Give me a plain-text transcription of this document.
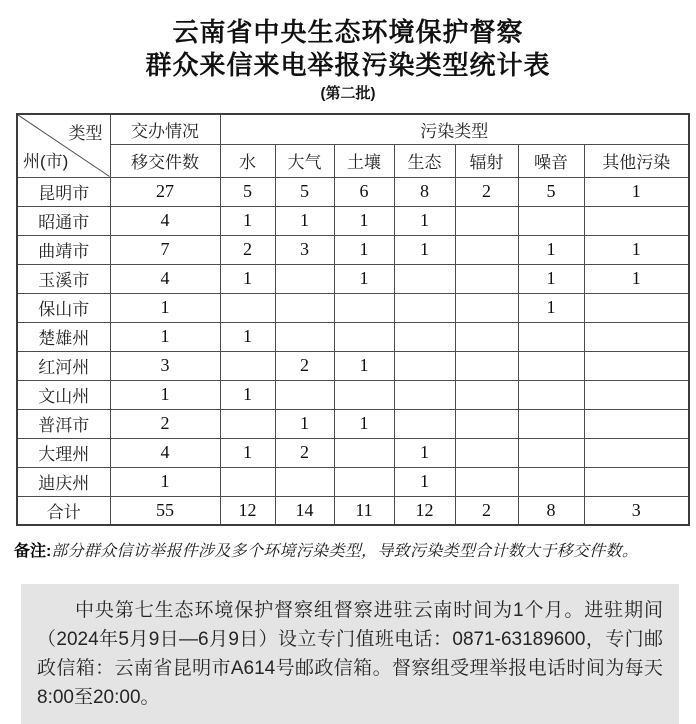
云南省中央生态环境保护督察
群众来信来电举报污染类型统计表
(第二批)
类型
州(市)	交办情况	污染类型						
	移交件数	水	大气	土壤	生态	辐射	噪音	其他污染
昆明市	27	5	5	6	8	2	5	1
昭通市	4	1	1	1	1			
曲靖市	7	2	3	1	1		1	1
玉溪市	4	1		1			1	1
保山市	1						1	
楚雄州	1	1						
红河州	3		2	1				
文山州	1	1						
普洱市	2		1	1				
大理州	4	1	2		1			
迪庆州	1				1			
合计	55	12	14	11	12	2	8	3

备注:部分群众信访举报件涉及多个环境污染类型，导致污染类型合计数大于移交件数。

中央第七生态环境保护督察组督察进驻云南时间为1个月。进驻期间（2024年5月9日—6月9日）设立专门值班电话：0871-63189600，专门邮政信箱：云南省昆明市A614号邮政信箱。督察组受理举报电话时间为每天8:00至20:00。
